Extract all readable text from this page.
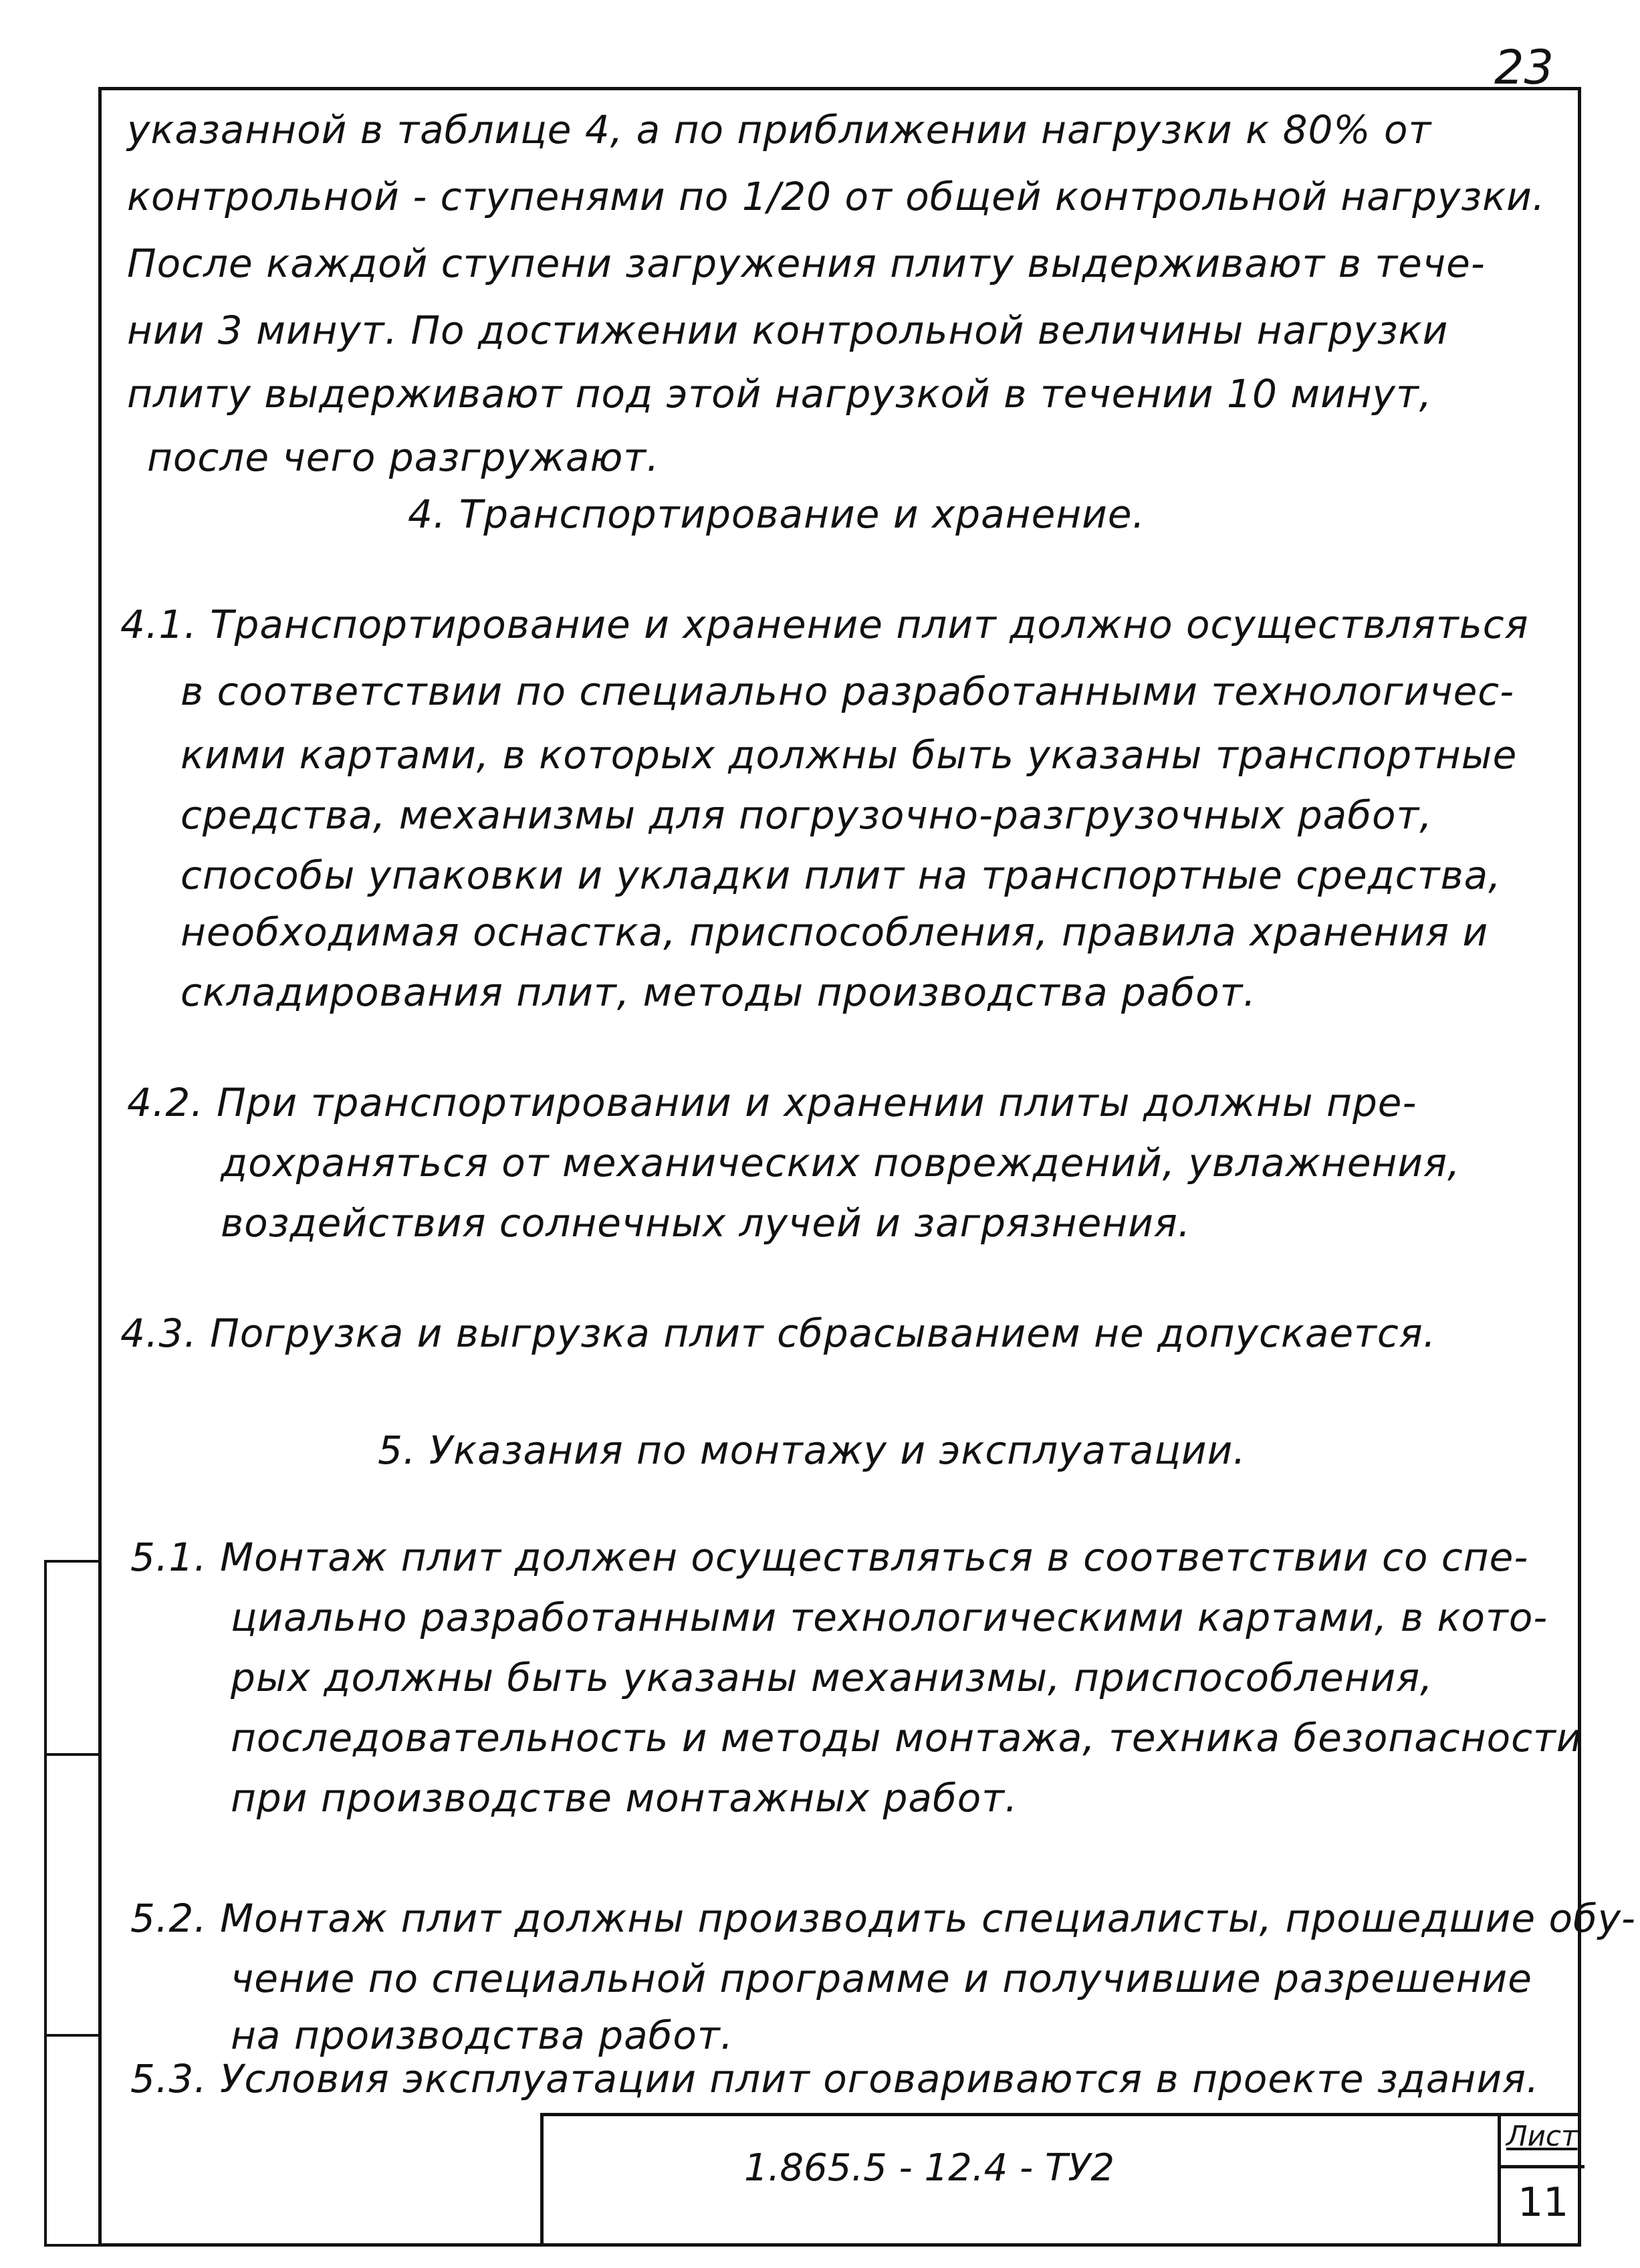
23
указанной в таблице 4, а по приближении нагрузки к 80% от
контрольной - ступенями по 1/20 от общей контрольной нагрузки.
После каждой ступени загружения плиту выдерживают в тече-
нии 3 минут. По достижении контрольной величины нагрузки
плиту выдерживают под этой нагрузкой в течении 10 минут,
после чего разгружают.
4. Транспортирование и хранение.
4.1. Транспортирование и хранение плит должно осуществляться
в соответствии по специально разработанными технологичес-
кими картами, в которых должны быть указаны транспортные
средства, механизмы для погрузочно-разгрузочных работ,
способы упаковки и укладки плит на транспортные средства,
необходимая оснастка, приспособления, правила хранения и
складирования плит, методы производства работ.
4.2. При транспортировании и хранении плиты должны пре-
дохраняться от механических повреждений, увлажнения,
воздействия солнечных лучей и загрязнения.
4.3. Погрузка и выгрузка плит сбрасыванием не допускается.
5. Указания по монтажу и эксплуатации.
5.1. Монтаж плит должен осуществляться в соответствии со спе-
циально разработанными технологическими картами, в кото-
рых должны быть указаны механизмы, приспособления,
последовательность и методы монтажа, техника безопасности
при производстве монтажных работ.
5.2. Монтаж плит должны производить специалисты, прошедшие обу-
чение по специальной программе и получившие разрешение
на производства работ.
5.3. Условия эксплуатации плит оговариваются в проекте здания.
1.865.5 - 12.4 - ТУ2
Лист
11
